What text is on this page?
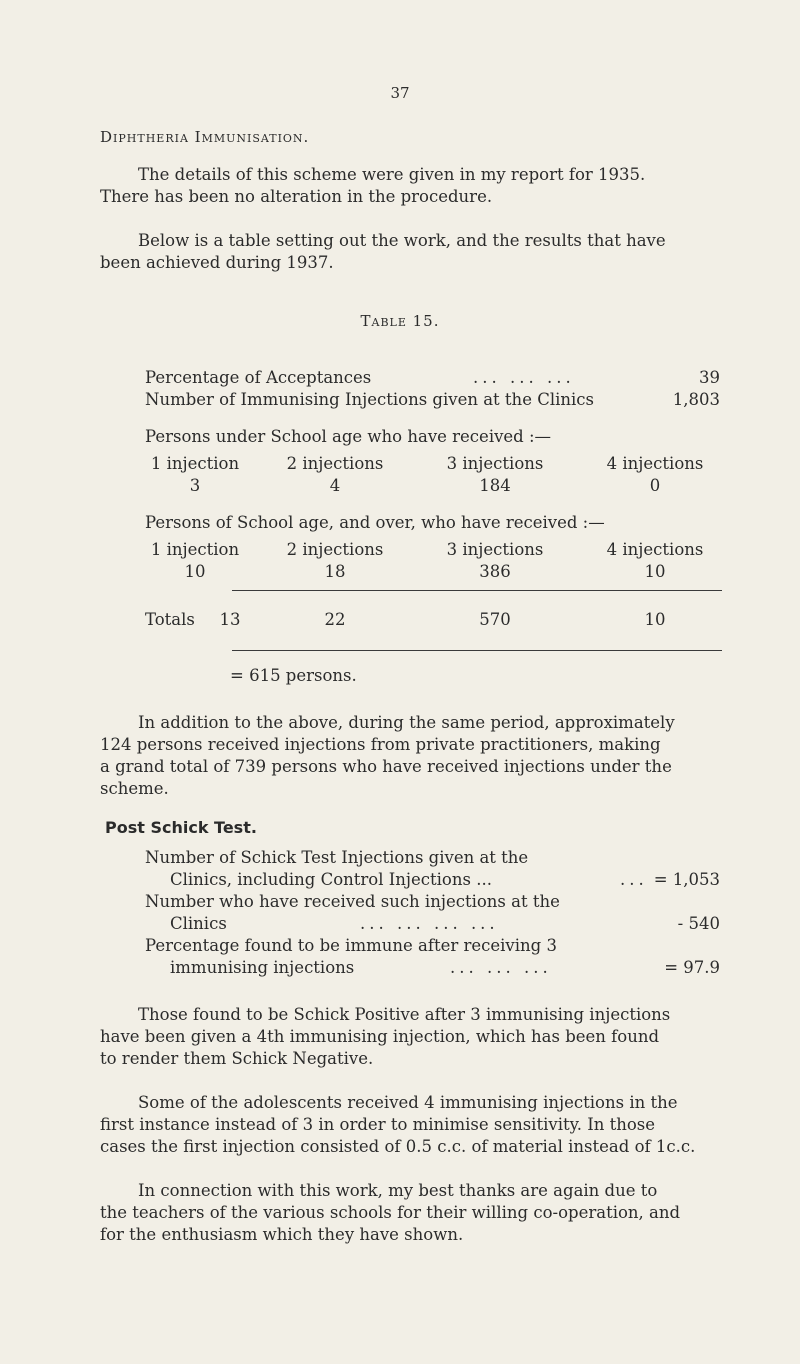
37
Diphtheria Immunisation.
The details of this scheme were given in my report for 1935.
There has been no alteration in the procedure.
Below is a table setting out the work, and the results that have
been achieved during 1937.
Table 15.
Percentage of Acceptances	... ... ...	39
Number of Immunising Injections given at the Clinics	1,803
Persons under School age who have received :—
1 injection	2 injections	3 injections	4 injections
3	4	184	0
Persons of School age, and over, who have received :—
1 injection	2 injections	3 injections	4 injections
10	18	386	10
Totals	13	22	570	10
= 615 persons.
In addition to the above, during the same period, approximately
124 persons received injections from private practitioners, making
a grand total of 739 persons who have received injections under the
scheme.
Post Schick Test.
Number of Schick Test Injections given at the
Clinics, including Control Injections ...	... = 1,053
Number who have received such injections at the
Clinics	... ... ... ...	- 540
Percentage found to be immune after receiving 3
immunising injections	... ... ...	= 97.9
Those found to be Schick Positive after 3 immunising injections
have been given a 4th immunising injection, which has been found
to render them Schick Negative.
Some of the adolescents received 4 immunising injections in the
first instance instead of 3 in order to minimise sensitivity. In those
cases the first injection consisted of 0.5 c.c. of material instead of 1c.c.
In connection with this work, my best thanks are again due to
the teachers of the various schools for their willing co-operation, and
for the enthusiasm which they have shown.
